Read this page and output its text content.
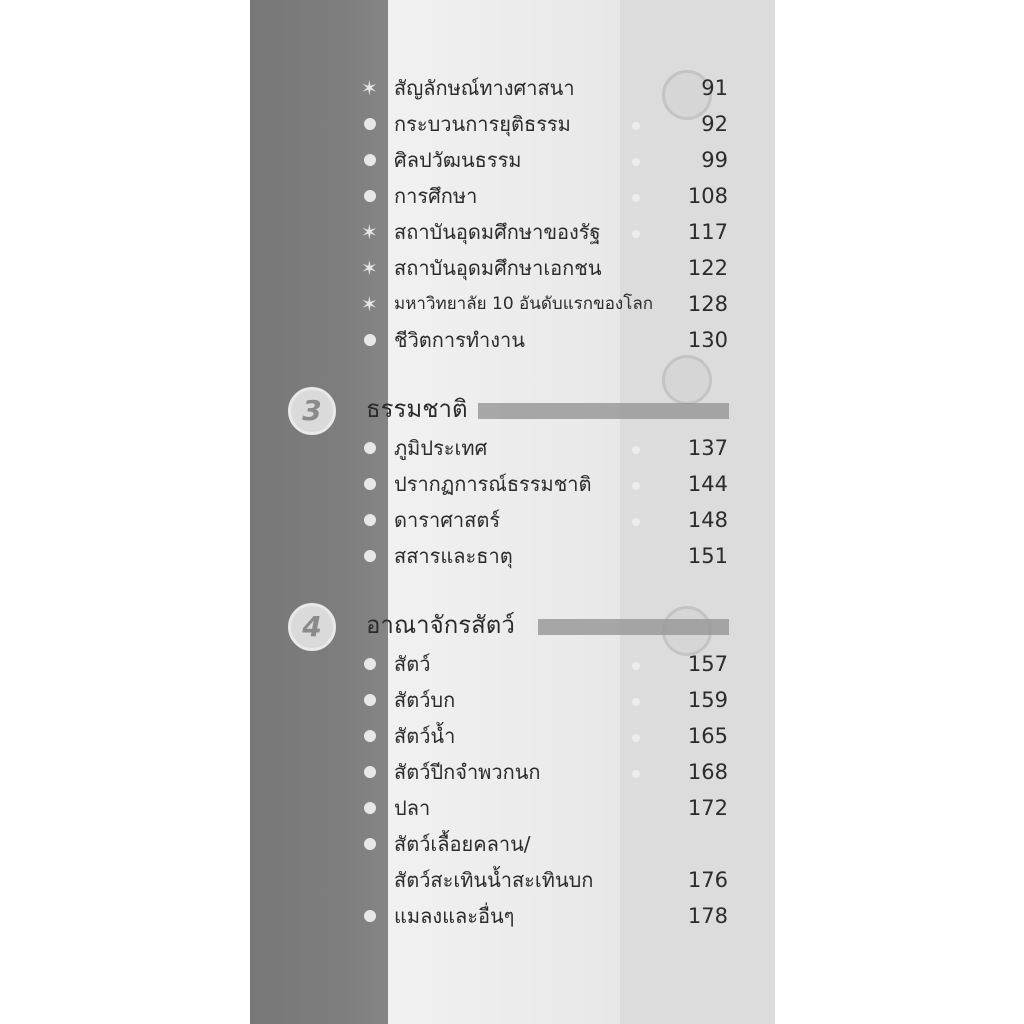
✶ สัญลักษณ์ทางศาสนา	91
กระบวนการยุติธรรม	92
ศิลปวัฒนธรรม	99
การศึกษา	108
✶ สถาบันอุดมศึกษาของรัฐ	117
✶ สถาบันอุดมศึกษาเอกชน	122
✶ มหาวิทยาลัย 10 อันดับแรกของโลก 128
ชีวิตการทำงาน	130
3	ธรรมชาติ
ภูมิประเทศ	137
ปรากฏการณ์ธรรมชาติ	144
ดาราศาสตร์	148
สสารและธาตุ	151
4	อาณาจักรสัตว์
สัตว์	157
สัตว์บก	159
สัตว์น้ำ	165
สัตว์ปีกจำพวกนก	168
ปลา	172
สัตว์เลื้อยคลาน/
สัตว์สะเทินน้ำสะเทินบก	176
แมลงและอื่นๆ	178
